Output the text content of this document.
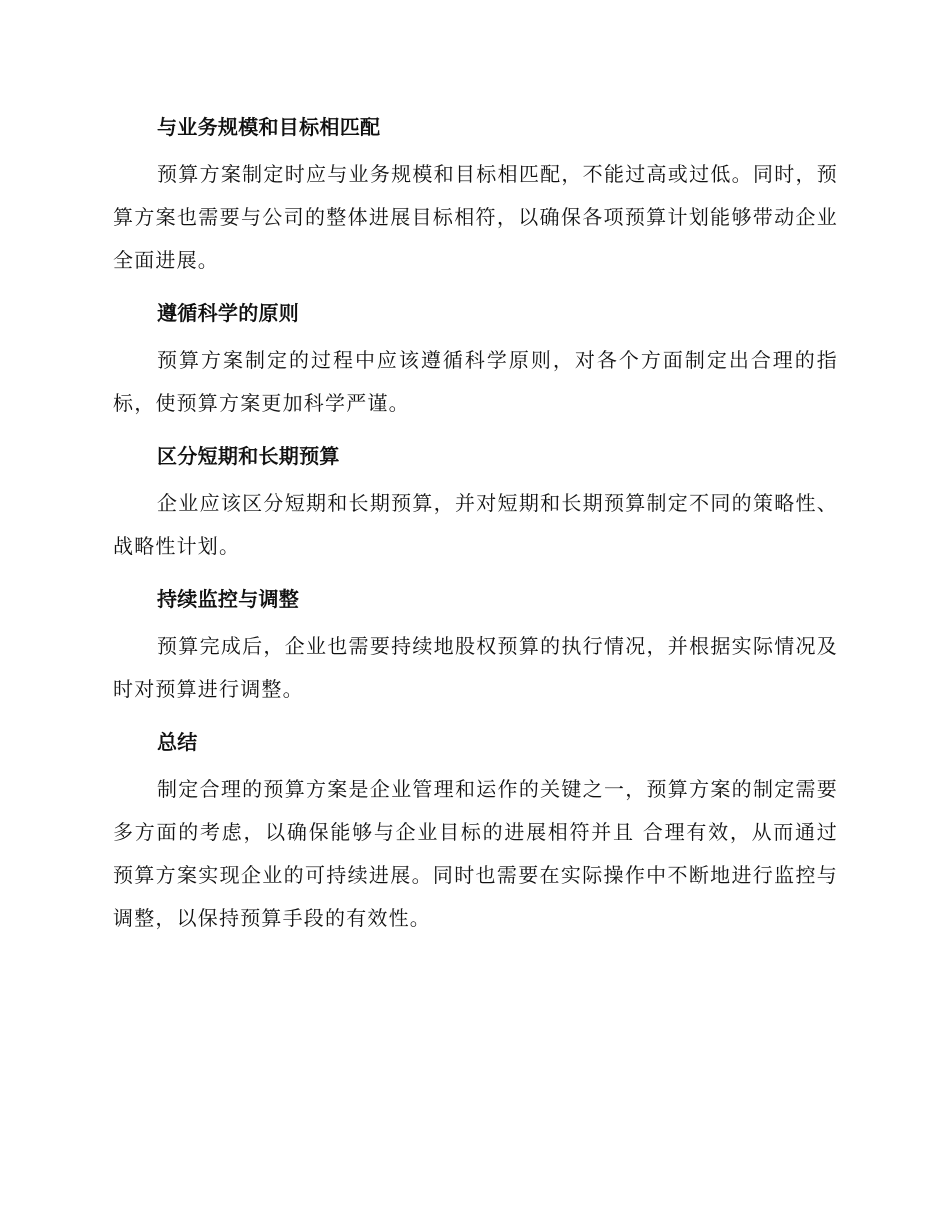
与业务规模和目标相匹配

预算方案制定时应与业务规模和目标相匹配，不能过高或过低。同时，预算方案也需要与公司的整体进展目标相符，以确保各项预算计划能够带动企业全面进展。

遵循科学的原则

预算方案制定的过程中应该遵循科学原则，对各个方面制定出合理的指标，使预算方案更加科学严谨。

区分短期和长期预算

企业应该区分短期和长期预算，并对短期和长期预算制定不同的策略性、战略性计划。

持续监控与调整

预算完成后，企业也需要持续地股权预算的执行情况，并根据实际情况及时对预算进行调整。

总结

制定合理的预算方案是企业管理和运作的关键之一，预算方案的制定需要多方面的考虑，以确保能够与企业目标的进展相符并且 合理有效，从而通过预算方案实现企业的可持续进展。同时也需要在实际操作中不断地进行监控与调整，以保持预算手段的有效性。
